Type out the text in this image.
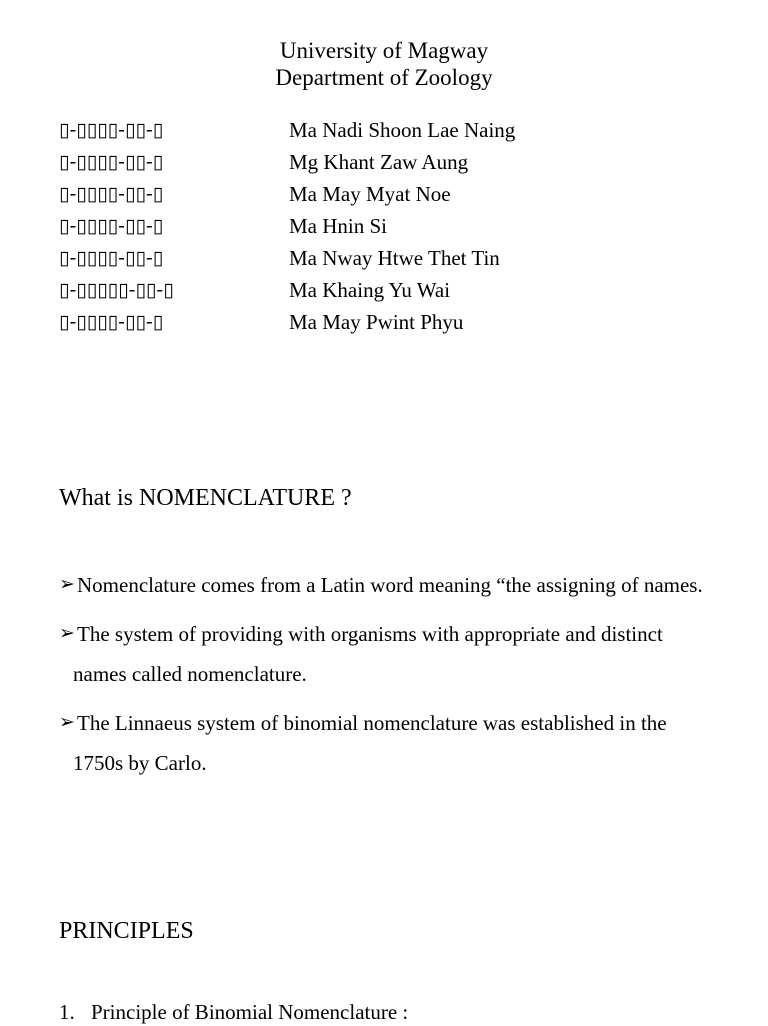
University of Magway
Department of Zoology
▯-▯▯▯▯-▯▯-▯	Ma Nadi Shoon Lae Naing
▯-▯▯▯▯-▯▯-▯	Mg Khant Zaw Aung
▯-▯▯▯▯-▯▯-▯	Ma May Myat Noe
▯-▯▯▯▯-▯▯-▯	Ma Hnin Si
▯-▯▯▯▯-▯▯-▯	Ma Nway Htwe Thet Tin
▯-▯▯▯▯▯-▯▯-▯	Ma Khaing Yu Wai
▯-▯▯▯▯-▯▯-▯	Ma May Pwint Phyu
What is NOMENCLATURE ?
➢Nomenclature comes from a Latin word meaning “the assigning of names.
➢The system of providing with organisms with appropriate and distinct names called nomenclature.
➢The Linnaeus system of binomial nomenclature was established in the 1750s by Carlo.
PRINCIPLES
1. Principle of Binomial Nomenclature :
